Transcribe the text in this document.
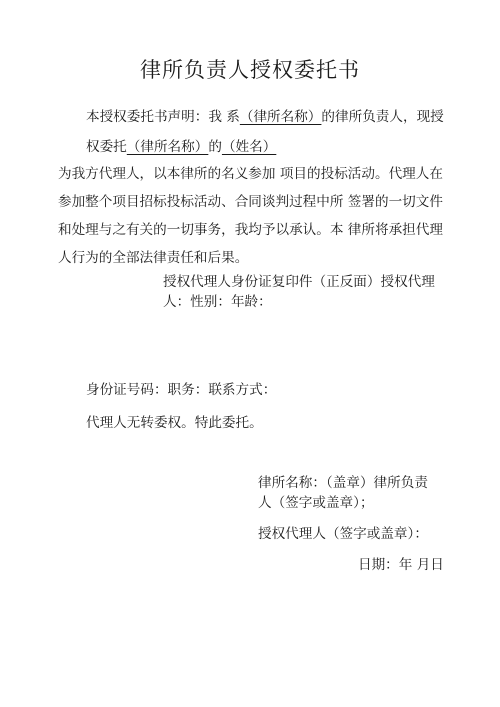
律所负责人授权委托书
本授权委托书声明：我 系（律所名称）的律所负责人，现授
权委托（律所名称）的（姓名）
为我方代理人，以本律所的名义参加 项目的投标活动。代理人在
参加整个项目招标投标活动、合同谈判过程中所 签署的一切文件
和处理与之有关的一切事务，我均予以承认。本 律所将承担代理
人行为的全部法律责任和后果。
授权代理人身份证复印件（正反面）授权代理
人：性别：年龄：
身份证号码：职务：联系方式：
代理人无转委权。特此委托。
律所名称：（盖章）律所负责
人（签字或盖章）；
授权代理人（签字或盖章）：
日期：年 月日
